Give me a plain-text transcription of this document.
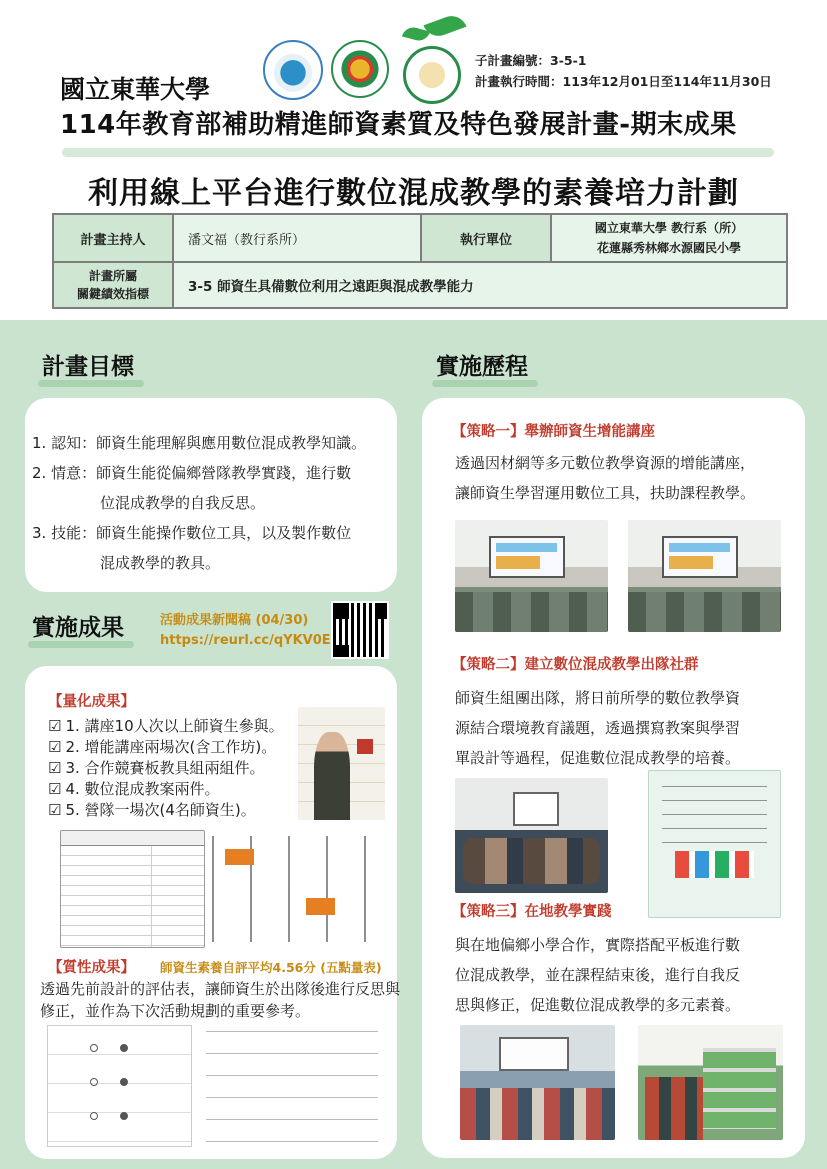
子計畫編號：3-5-1
計畫執行時間：113年12月01日至114年11月30日
國立東華大學
114年教育部補助精進師資素質及特色發展計畫-期末成果
利用線上平台進行數位混成教學的素養培力計劃
計畫主持人	潘文福（教行系所）	執行單位	國立東華大學 教行系（所）
花蓮縣秀林鄉水源國民小學

計畫所屬
關鍵績效指標	3-5 師資生具備數位利用之遠距與混成教學能力		
計畫目標
1. 認知：師資生能理解與應用數位混成教學知識。
2. 情意：師資生能從偏鄉營隊教學實踐，進行數
位混成教學的自我反思。
3. 技能：師資生能操作數位工具，以及製作數位
混成教學的教具。
實施成果	活動成果新聞稿 (04/30)
https://reurl.cc/qYKV0E
【量化成果】
☑ 1. 講座10人次以上師資生參與。
☑ 2. 增能講座兩場次(含工作坊)。
☑ 3. 合作競賽板教具組兩組件。
☑ 4. 數位混成教案兩件。
☑ 5. 營隊一場次(4名師資生)。
【質性成果】 師資生素養自評平均4.56分 (五點量表)
透過先前設計的評估表，讓師資生於出隊後進行反思與修正，並作為下次活動規劃的重要參考。
實施歷程
【策略一】舉辦師資生增能講座
透過因材網等多元數位教學資源的增能講座，
讓師資生學習運用數位工具，扶助課程教學。
【策略二】建立數位混成教學出隊社群
師資生組團出隊，將日前所學的數位教學資
源結合環境教育議題，透過撰寫教案與學習
單設計等過程，促進數位混成教學的培養。
【策略三】在地教學實踐
與在地偏鄉小學合作，實際搭配平板進行數
位混成教學，並在課程結束後，進行自我反
思與修正，促進數位混成教學的多元素養。
